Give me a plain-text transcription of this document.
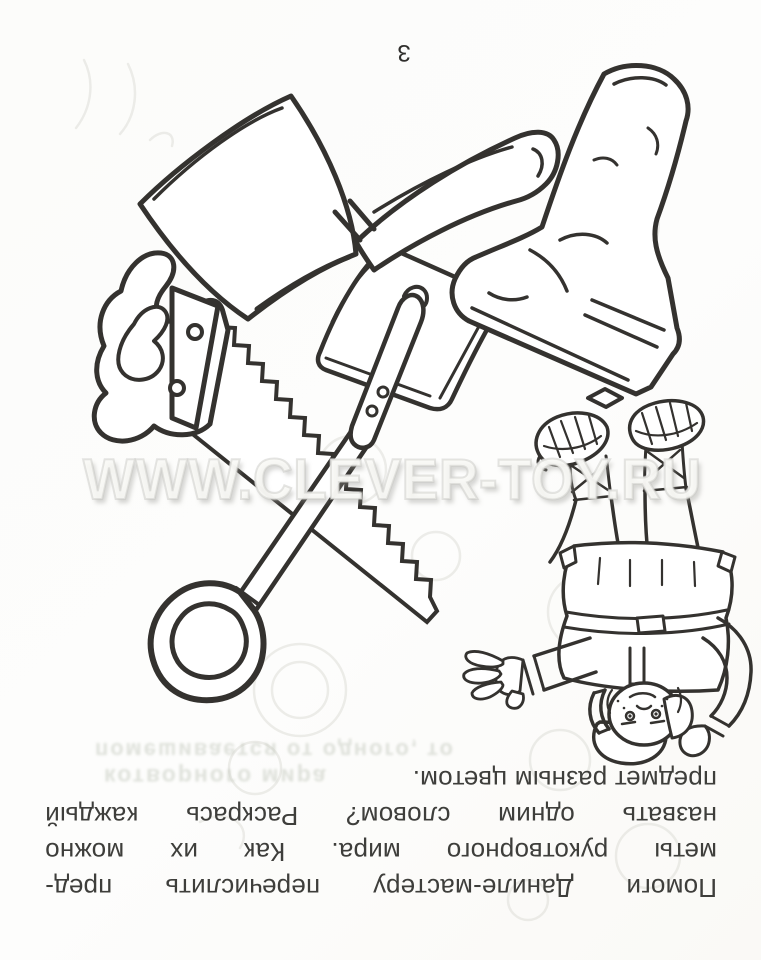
WWW.CLEVER-TOY.RU
помешивается от одного, то
котворного мира
3
Помоги Даниле-мастеру перечислить пред-
меты рукотворного мира. Как их можно
назвать одним словом? Раскрась каждый
предмет разным цветом.
